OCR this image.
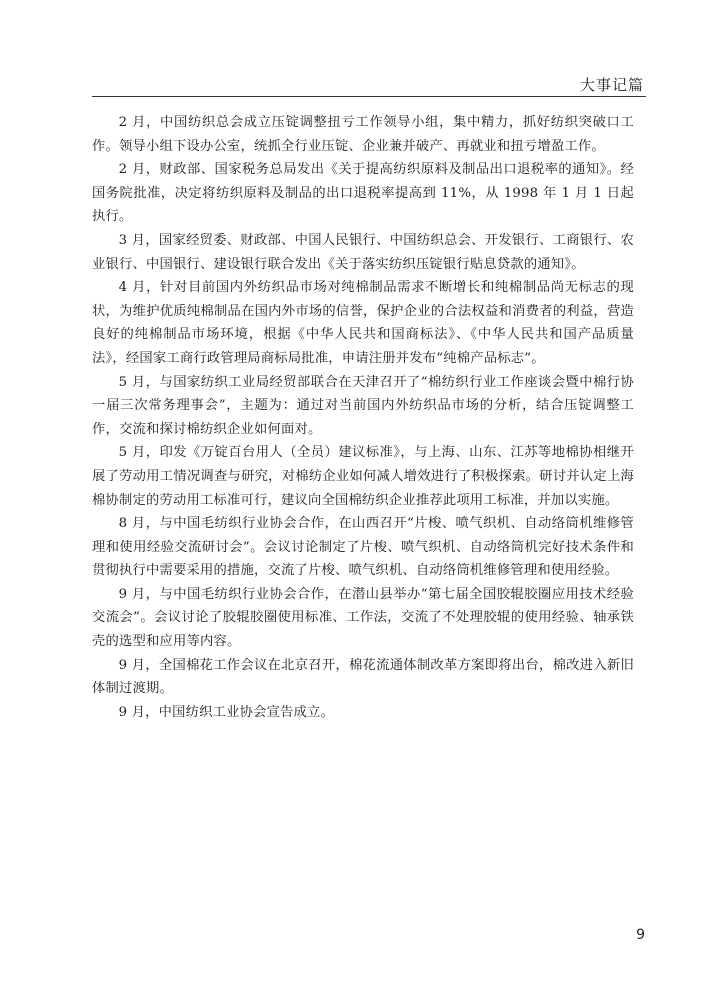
大事记篇

2 月，中国纺织总会成立压锭调整扭亏工作领导小组，集中精力，抓好纺织突破口工作。领导小组下设办公室，统抓全行业压锭、企业兼并破产、再就业和扭亏增盈工作。

2 月，财政部、国家税务总局发出《关于提高纺织原料及制品出口退税率的通知》。经国务院批准，决定将纺织原料及制品的出口退税率提高到 11%，从 1998 年 1 月 1 日起执行。

3 月，国家经贸委、财政部、中国人民银行、中国纺织总会、开发银行、工商银行、农业银行、中国银行、建设银行联合发出《关于落实纺织压锭银行贴息贷款的通知》。

4 月，针对目前国内外纺织品市场对纯棉制品需求不断增长和纯棉制品尚无标志的现状，为维护优质纯棉制品在国内外市场的信誉，保护企业的合法权益和消费者的利益，营造良好的纯棉制品市场环境，根据《中华人民共和国商标法》、《中华人民共和国产品质量法》，经国家工商行政管理局商标局批准，申请注册并发布“纯棉产品标志”。

5 月，与国家纺织工业局经贸部联合在天津召开了“棉纺织行业工作座谈会暨中棉行协一届三次常务理事会”，主题为：通过对当前国内外纺织品市场的分析，结合压锭调整工作，交流和探讨棉纺织企业如何面对。

5 月，印发《万锭百台用人（全员）建议标准》，与上海、山东、江苏等地棉协相继开展了劳动用工情况调查与研究，对棉纺企业如何减人增效进行了积极探索。研讨并认定上海棉协制定的劳动用工标准可行，建议向全国棉纺织企业推荐此项用工标准，并加以实施。

8 月，与中国毛纺织行业协会合作，在山西召开“片梭、喷气织机、自动络筒机维修管理和使用经验交流研讨会”。会议讨论制定了片梭、喷气织机、自动络筒机完好技术条件和贯彻执行中需要采用的措施，交流了片梭、喷气织机、自动络筒机维修管理和使用经验。

9 月，与中国毛纺织行业协会合作，在潜山县举办“第七届全国胶辊胶圈应用技术经验交流会”。会议讨论了胶辊胶圈使用标准、工作法，交流了不处理胶辊的使用经验、轴承铁壳的选型和应用等内容。

9 月，全国棉花工作会议在北京召开，棉花流通体制改革方案即将出台，棉改进入新旧体制过渡期。

9 月，中国纺织工业协会宣告成立。

9
